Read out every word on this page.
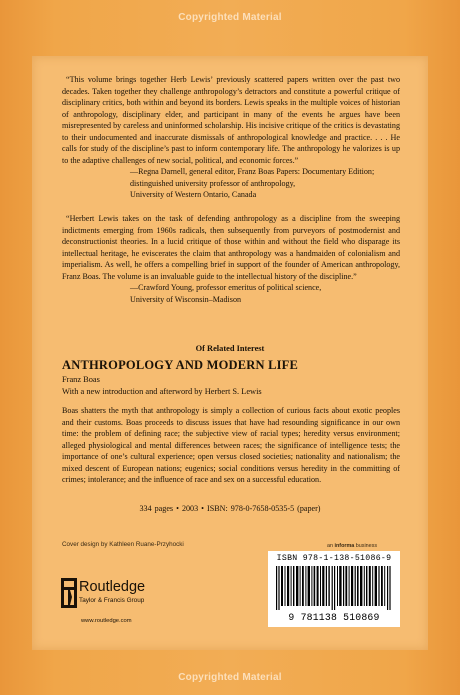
Copyrighted Material

“This volume brings together Herb Lewis’ previously scattered papers written over the past two decades. Taken together they challenge anthropology’s detractors and constitute a powerful critique of disciplinary critics, both within and beyond its borders. Lewis speaks in the multiple voices of historian of anthropology, disciplinary elder, and participant in many of the events he argues have been misrepresented by careless and uninformed scholarship. His incisive critique of the critics is devastating to their undocumented and inaccurate dismissals of anthropological knowledge and practice. . . . He calls for study of the discipline’s past to inform contemporary life. The anthropology he valorizes is up to the adaptive challenges of new social, political, and economic forces.”

—Regna Darnell, general editor, Franz Boas Papers: Documentary Edition;
distinguished university professor of anthropology,
University of Western Ontario, Canada

“Herbert Lewis takes on the task of defending anthropology as a discipline from the sweeping indictments emerging from 1960s radicals, then subsequently from purveyors of postmodernist and deconstructionist theories. In a lucid critique of those within and without the field who disparage its intellectual heritage, he eviscerates the claim that anthropology was a handmaiden of colonialism and imperialism. As well, he offers a compelling brief in support of the founder of American anthropology, Franz Boas. The volume is an invaluable guide to the intellectual history of the discipline.”

—Crawford Young, professor emeritus of political science,
University of Wisconsin–Madison
Of Related Interest
ANTHROPOLOGY AND MODERN LIFE
Franz Boas
With a new introduction and afterword by Herbert S. Lewis

Boas shatters the myth that anthropology is simply a collection of curious facts about exotic peoples and their customs. Boas proceeds to discuss issues that have had resounding significance in our own time: the problem of defining race; the subjective view of racial types; heredity versus environment; alleged physiological and mental differences between races; the significance of intelligence tests; the importance of one’s cultural experience; open versus closed societies; nationality and nationalism; the mixed descent of European nations; eugenics; social conditions versus heredity in the committing of crimes; intolerance; and the influence of race and sex on a successful education.

334 pages • 2003 • ISBN: 978-0-7658-0535-5 (paper)
Cover design by Kathleen Ruane-Przyhocki	an informa business
ISBN 978-1-138-51086-9
9 781138 510869
Routledge
Taylor & Francis Group
www.routledge.com
Copyrighted Material
